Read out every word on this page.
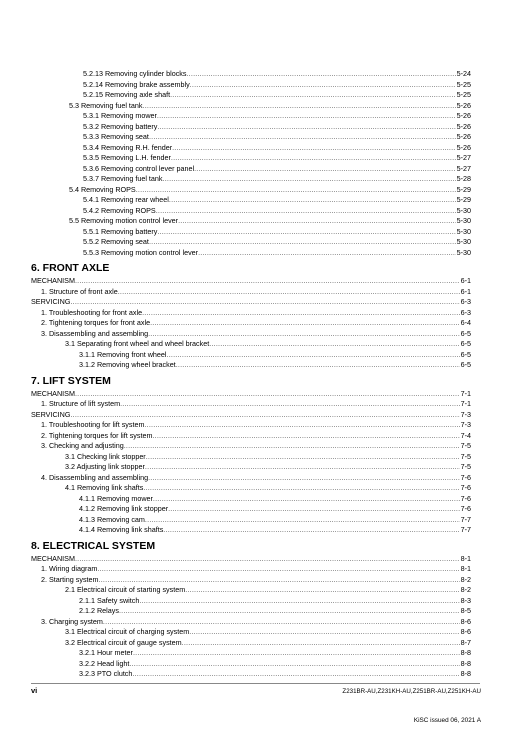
5.2.13 Removing cylinder blocks .....	5-24
5.2.14 Removing brake assembly .....	5-25
5.2.15 Removing axle shaft .....	5-25
5.3 Removing fuel tank .....	5-26
5.3.1 Removing mower .....	5-26
5.3.2 Removing battery .....	5-26
5.3.3 Removing seat .....	5-26
5.3.4 Removing R.H. fender .....	5-26
5.3.5 Removing L.H. fender .....	5-27
5.3.6 Removing control lever panel .....	5-27
5.3.7 Removing fuel tank .....	5-28
5.4 Removing ROPS .....	5-29
5.4.1 Removing rear wheel .....	5-29
5.4.2 Removing ROPS .....	5-30
5.5 Removing motion control lever .....	5-30
5.5.1 Removing battery .....	5-30
5.5.2 Removing seat .....	5-30
5.5.3 Removing motion control lever .....	5-30
6. FRONT AXLE
MECHANISM .....	6-1
1. Structure of front axle .....	6-1
SERVICING .....	6-3
1. Troubleshooting for front axle .....	6-3
2. Tightening torques for front axle .....	6-4
3. Disassembling and assembling .....	6-5
3.1 Separating front wheel and wheel bracket .....	6-5
3.1.1 Removing front wheel .....	6-5
3.1.2 Removing wheel bracket .....	6-5
7. LIFT SYSTEM
MECHANISM .....	7-1
1. Structure of lift system .....	7-1
SERVICING .....	7-3
1. Troubleshooting for lift system .....	7-3
2. Tightening torques for lift system .....	7-4
3. Checking and adjusting .....	7-5
3.1 Checking link stopper .....	7-5
3.2 Adjusting link stopper .....	7-5
4. Disassembling and assembling .....	7-6
4.1 Removing link shafts .....	7-6
4.1.1 Removing mower .....	7-6
4.1.2 Removing link stopper .....	7-6
4.1.3 Removing cam .....	7-7
4.1.4 Removing link shafts .....	7-7
8. ELECTRICAL SYSTEM
MECHANISM .....	8-1
1. Wiring diagram .....	8-1
2. Starting system .....	8-2
2.1 Electrical circuit of starting system .....	8-2
2.1.1 Safety switch .....	8-3
2.1.2 Relays .....	8-5
3. Charging system .....	8-6
3.1 Electrical circuit of charging system .....	8-6
3.2 Electrical circuit of gauge system .....	8-7
3.2.1 Hour meter .....	8-8
3.2.2 Head light .....	8-8
3.2.3 PTO clutch .....	8-8
vi	Z231BR-AU,Z231KH-AU,Z251BR-AU,Z251KH-AU
KiSC issued 06, 2021 A
